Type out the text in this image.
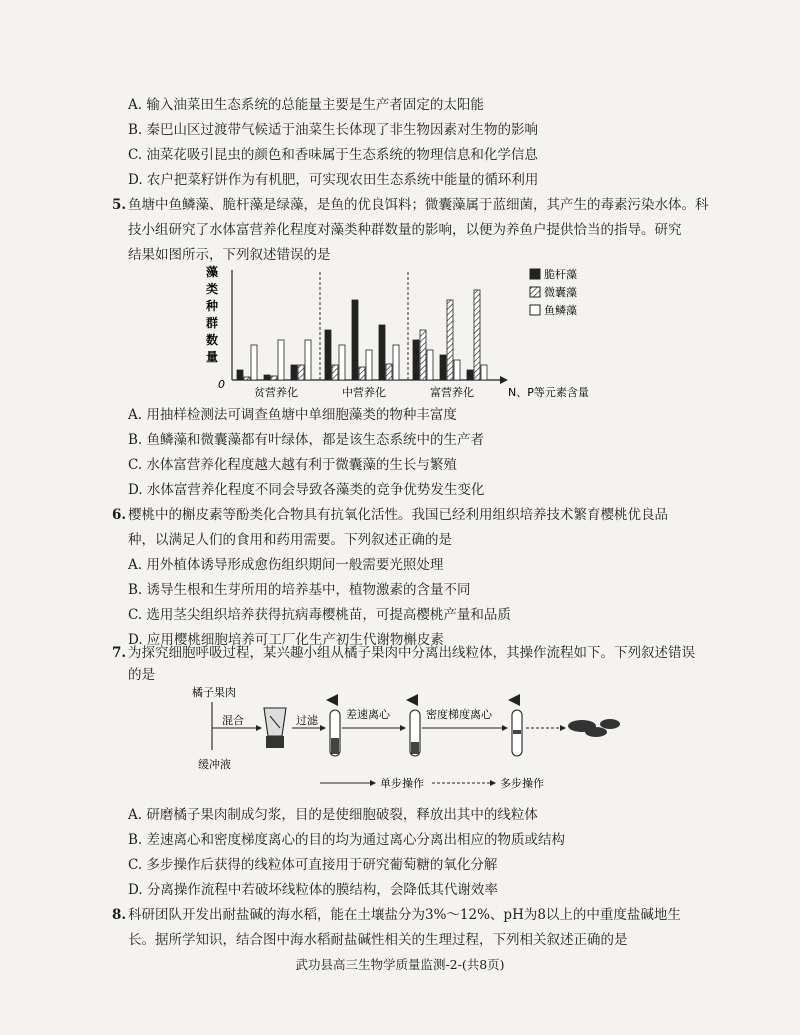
A. 输入油菜田生态系统的总能量主要是生产者固定的太阳能
B. 秦巴山区过渡带气候适于油菜生长体现了非生物因素对生物的影响
C. 油菜花吸引昆虫的颜色和香味属于生态系统的物理信息和化学信息
D. 农户把菜籽饼作为有机肥，可实现农田生态系统中能量的循环利用
5. 鱼塘中鱼鳞藻、脆杆藻是绿藻，是鱼的优良饵料；微囊藻属于蓝细菌，其产生的毒素污染水体。科
技小组研究了水体富营养化程度对藻类种群数量的影响，以便为养鱼户提供恰当的指导。研究
结果如图所示，下列叙述错误的是
藻
类
种
群
数
量
0
贫营养化	中营养化	富营养化	N、P等元素含量
脆杆藻
微囊藻
鱼鳞藻
A. 用抽样检测法可调查鱼塘中单细胞藻类的物种丰富度
B. 鱼鳞藻和微囊藻都有叶绿体，都是该生态系统中的生产者
C. 水体富营养化程度越大越有利于微囊藻的生长与繁殖
D. 水体富营养化程度不同会导致各藻类的竞争优势发生变化
6. 樱桃中的槲皮素等酚类化合物具有抗氧化活性。我国已经利用组织培养技术繁育樱桃优良品
种，以满足人们的食用和药用需要。下列叙述正确的是
A. 用外植体诱导形成愈伤组织期间一般需要光照处理
B. 诱导生根和生芽所用的培养基中，植物激素的含量不同
C. 选用茎尖组织培养获得抗病毒樱桃苗，可提高樱桃产量和品质
D. 应用樱桃细胞培养可工厂化生产初生代谢物槲皮素
7. 为探究细胞呼吸过程，某兴趣小组从橘子果肉中分离出线粒体，其操作流程如下。下列叙述错误
的是
橘子果肉
缓冲液
混合	过滤	差速离心	密度梯度离心
单步操作	多步操作
A. 研磨橘子果肉制成匀浆，目的是使细胞破裂，释放出其中的线粒体
B. 差速离心和密度梯度离心的目的均为通过离心分离出相应的物质或结构
C. 多步操作后获得的线粒体可直接用于研究葡萄糖的氧化分解
D. 分离操作流程中若破坏线粒体的膜结构，会降低其代谢效率
8. 科研团队开发出耐盐碱的海水稻，能在土壤盐分为3%～12%、pH为8以上的中重度盐碱地生
长。据所学知识，结合图中海水稻耐盐碱性相关的生理过程，下列相关叙述正确的是
武功县高三生物学质量监测-2-(共8页)
